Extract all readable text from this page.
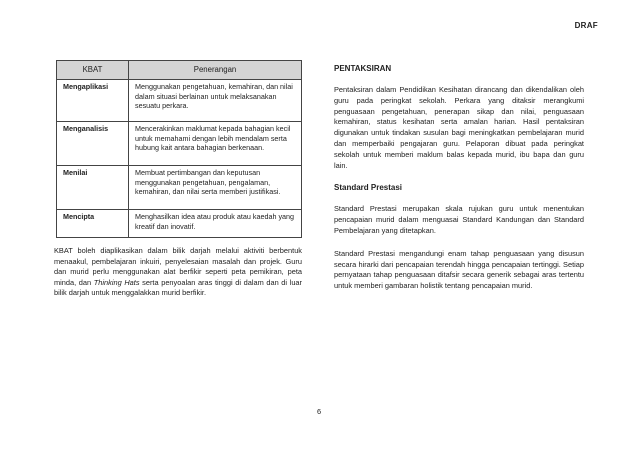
DRAF
KBAT	Penerangan
Mengaplikasi	Menggunakan pengetahuan, kemahiran, dan nilai dalam situasi berlainan untuk melaksanakan sesuatu perkara.
Menganalisis	Mencerakinkan maklumat kepada bahagian kecil untuk memahami dengan lebih mendalam serta hubung kait antara bahagian berkenaan.
Menilai	Membuat pertimbangan dan keputusan menggunakan pengetahuan, pengalaman, kemahiran, dan nilai serta memberi justifikasi.
Mencipta	Menghasilkan idea atau produk atau kaedah yang kreatif dan inovatif.

KBAT boleh diaplikasikan dalam bilik darjah melalui aktiviti berbentuk menaakul, pembelajaran inkuiri, penyelesaian masalah dan projek. Guru dan murid perlu menggunakan alat berfikir seperti peta pemikiran, peta minda, dan Thinking Hats serta penyoalan aras tinggi di dalam dan di luar bilik darjah untuk menggalakkan murid berfikir.

PENTAKSIRAN

Pentaksiran dalam Pendidikan Kesihatan dirancang dan dikendalikan oleh guru pada peringkat sekolah. Perkara yang ditaksir merangkumi penguasaan pengetahuan, penerapan sikap dan nilai, penguasaan kemahiran, status kesihatan serta amalan harian. Hasil pentaksiran digunakan untuk tindakan susulan bagi meningkatkan pembelajaran murid dan memperbaiki pengajaran guru. Pelaporan dibuat pada peringkat sekolah untuk memberi maklum balas kepada murid, ibu bapa dan guru lain.

Standard Prestasi

Standard Prestasi merupakan skala rujukan guru untuk menentukan pencapaian murid dalam menguasai Standard Kandungan dan Standard Pembelajaran yang ditetapkan.

Standard Prestasi mengandungi enam tahap penguasaan yang disusun secara hirarki dari pencapaian terendah hingga pencapaian tertinggi. Setiap pernyataan tahap penguasaan ditafsir secara generik sebagai aras tertentu untuk memberi gambaran holistik tentang pencapaian murid.

6
